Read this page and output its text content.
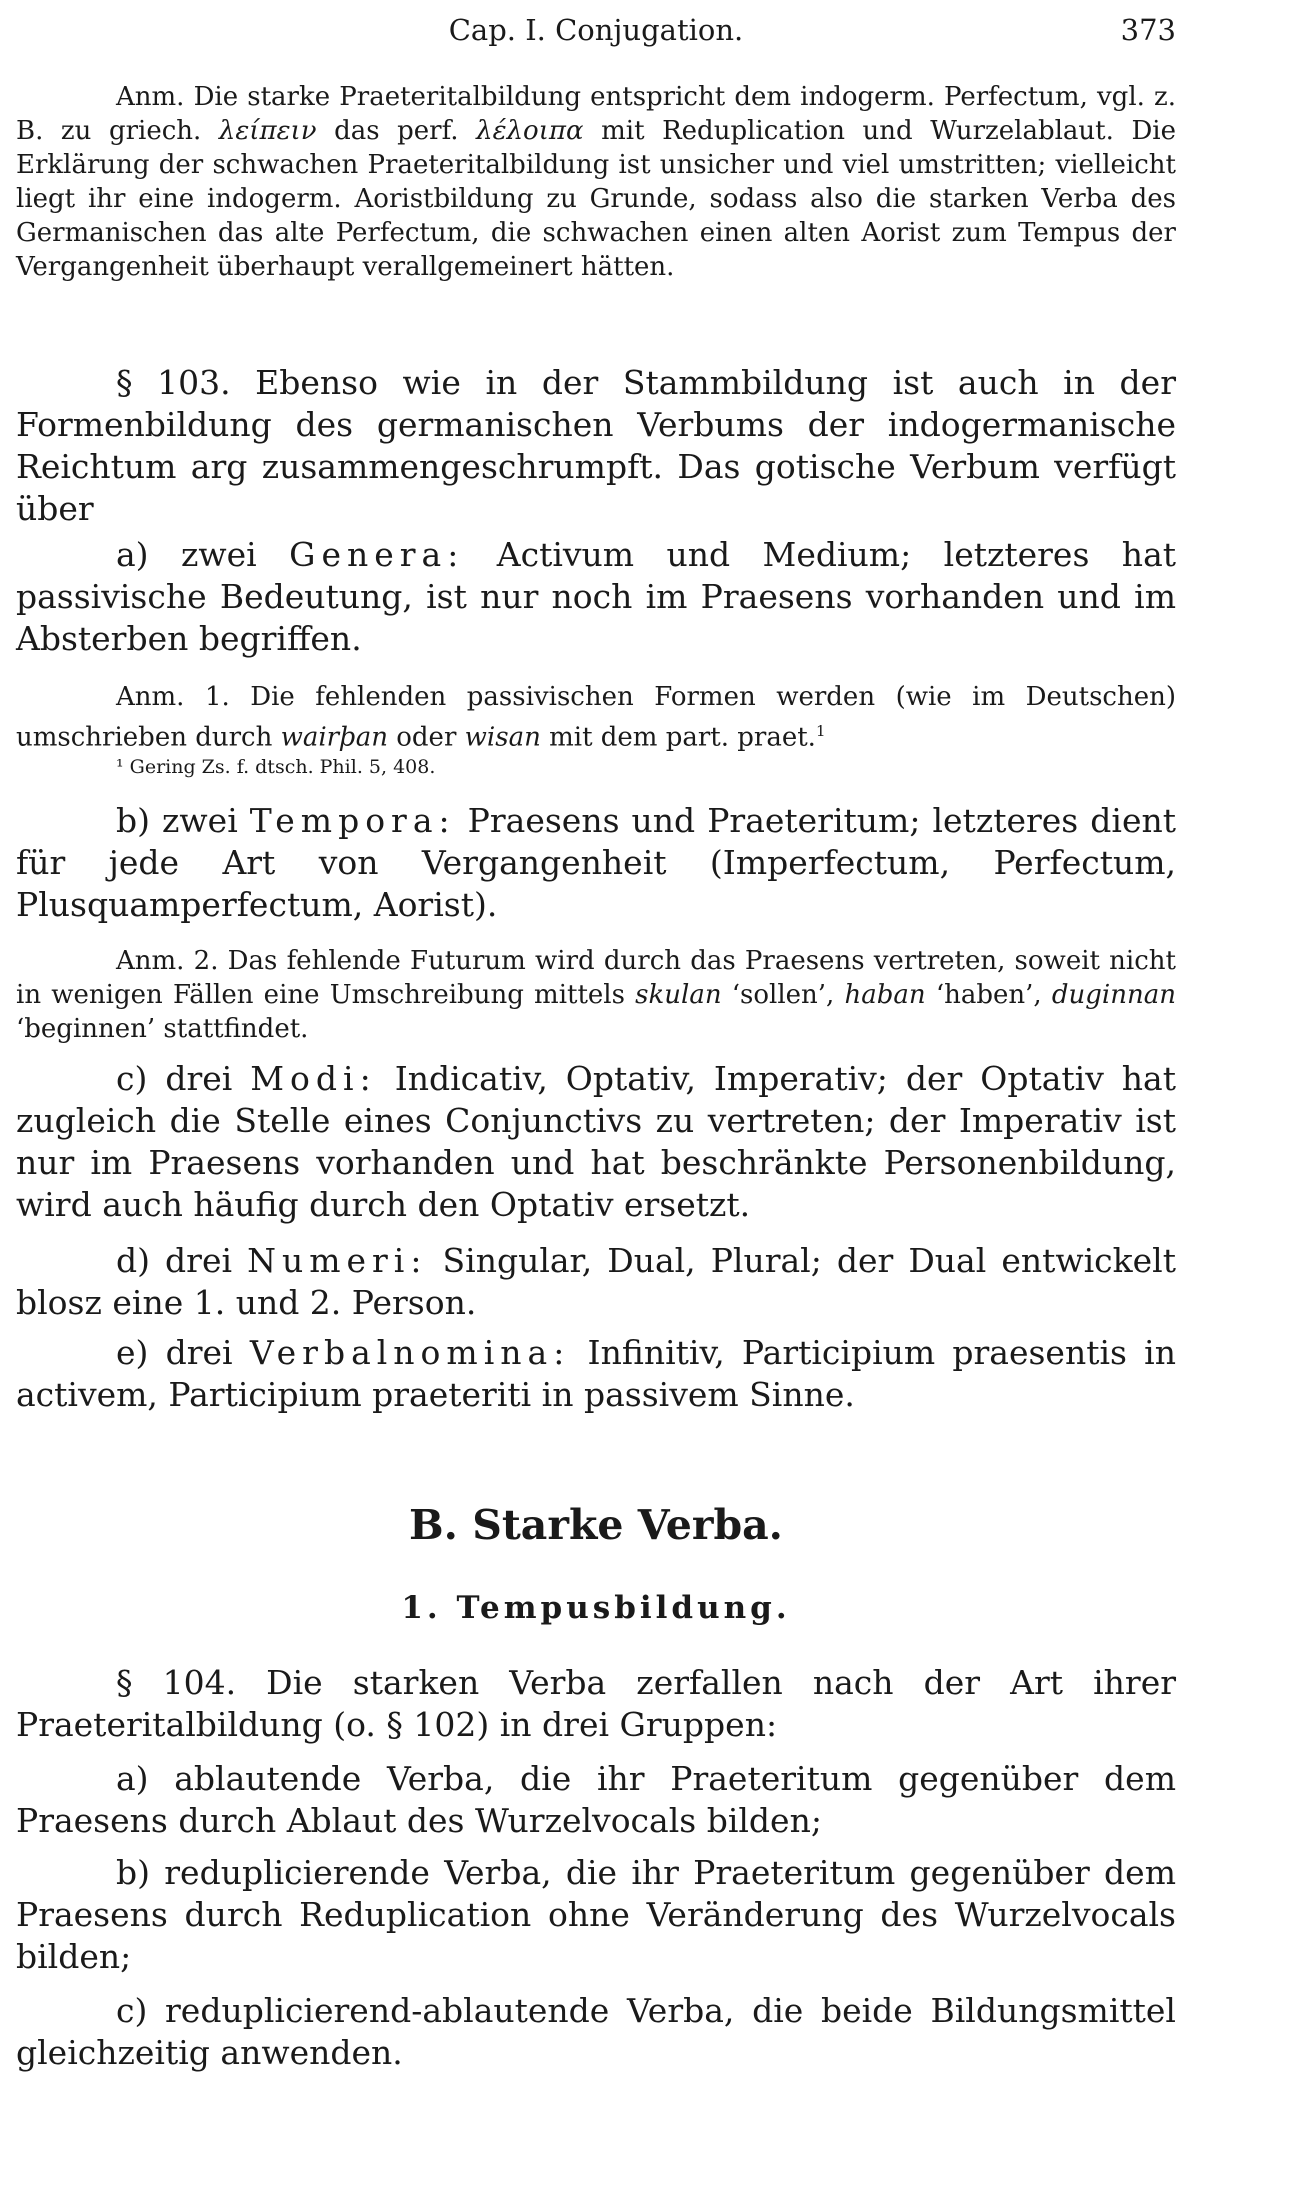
Cap. I. Conjugation.	373

Anm. Die starke Praeteritalbildung entspricht dem indogerm. Perfectum, vgl. z. B. zu griech. λείπειν das perf. λέλοιπα mit Reduplication und Wurzelablaut. Die Erklärung der schwachen Praeteritalbildung ist unsicher und viel umstritten; vielleicht liegt ihr eine indogerm. Aoristbildung zu Grunde, sodass also die starken Verba des Germanischen das alte Perfectum, die schwachen einen alten Aorist zum Tempus der Vergangenheit überhaupt verallgemeinert hätten.

§ 103. Ebenso wie in der Stammbildung ist auch in der Formenbildung des germanischen Verbums der indogermanische Reichtum arg zusammengeschrumpft. Das gotische Verbum verfügt über

a) zwei Genera: Activum und Medium; letzteres hat passivische Bedeutung, ist nur noch im Praesens vorhanden und im Absterben begriffen.

Anm. 1. Die fehlenden passivischen Formen werden (wie im Deutschen) umschrieben durch wairþan oder wisan mit dem part. praet.$^1$

¹ Gering Zs. f. dtsch. Phil. 5, 408.

b) zwei Tempora: Praesens und Praeteritum; letzteres dient für jede Art von Vergangenheit (Imperfectum, Perfectum, Plusquamperfectum, Aorist).

Anm. 2. Das fehlende Futurum wird durch das Praesens vertreten, soweit nicht in wenigen Fällen eine Umschreibung mittels skulan ‘sollen’, haban ‘haben’, duginnan ‘beginnen’ stattfindet.

c) drei Modi: Indicativ, Optativ, Imperativ; der Optativ hat zugleich die Stelle eines Conjunctivs zu vertreten; der Imperativ ist nur im Praesens vorhanden und hat beschränkte Personenbildung, wird auch häufig durch den Optativ ersetzt.

d) drei Numeri: Singular, Dual, Plural; der Dual entwickelt blosz eine 1. und 2. Person.

e) drei Verbalnomina: Infinitiv, Participium praesentis in activem, Participium praeteriti in passivem Sinne.

B. Starke Verba.
1. Tempusbildung.

§ 104. Die starken Verba zerfallen nach der Art ihrer Praeteritalbildung (o. § 102) in drei Gruppen:

a) ablautende Verba, die ihr Praeteritum gegenüber dem Praesens durch Ablaut des Wurzelvocals bilden;

b) reduplicierende Verba, die ihr Praeteritum gegenüber dem Praesens durch Reduplication ohne Veränderung des Wurzelvocals bilden;

c) reduplicierend-ablautende Verba, die beide Bildungsmittel gleichzeitig anwenden.
